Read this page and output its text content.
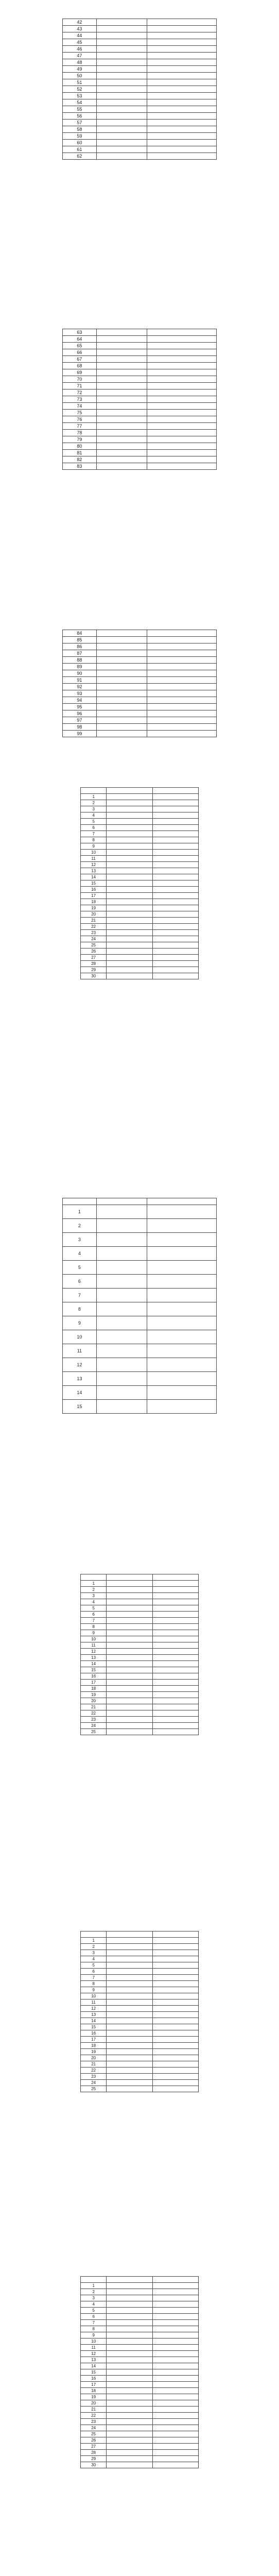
42		
43		
44		
45		
46		
47		
48		
49		
50		
51		
52		
53		
54		
55		
56		
57		
58		
59		
60		
61		
62		
63		
64		
65		
66		
67		
68		
69		
70		
71		
72		
73		
74		
75		
76		
77		
78		
79		
80		
81		
82		
83		
84		
85		
86		
87		
88		
89		
90		
91		
92		
93		
94		
95		
96		
97		
98		
99		

1		
2		
3		
4		
5		
6		
7		
8		
9		
10		
11		
12		
13		
14		
15		
16		
17		
18		
19		
20		
21		
22		
23		
24		
25		
26		
27		
28		
29		
30		

1		
2		
3		
4		
5		
6		
7		
8		
9		
10		
11		
12		
13		
14		
15		

1		
2		
3		
4		
5		
6		
7		
8		
9		
10		
11		
12		
13		
14		
15		
16		
17		
18		
19		
20		
21		
22		
23		
24		
25		

1		
2		
3		
4		
5		
6		
7		
8		
9		
10		
11		
12		
13		
14		
15		
16		
17		
18		
19		
20		
21		
22		
23		
24		
25		

1		
2		
3		
4		
5		
6		
7		
8		
9		
10		
11		
12		
13		
14		
15		
16		
17		
18		
19		
20		
21		
22		
23		
24		
25		
26		
27		
28		
29		
30		
